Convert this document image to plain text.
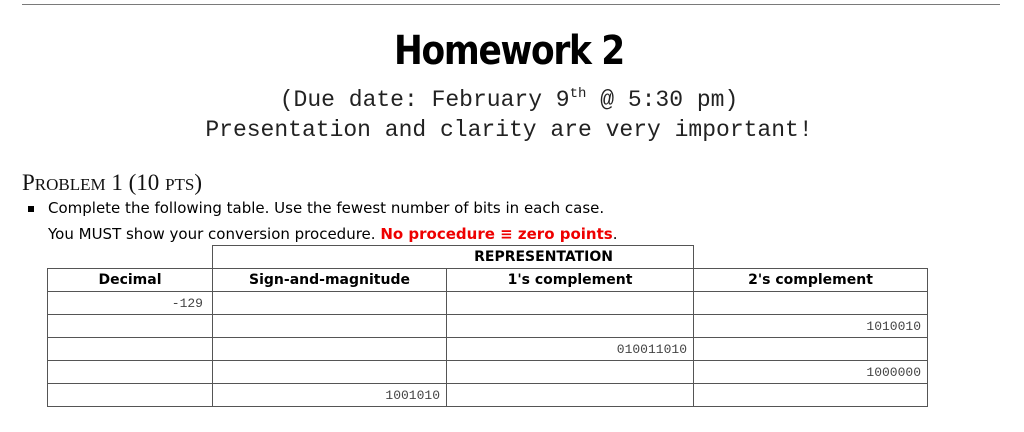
Homework 2
(Due date: February 9th @ 5:30 pm)
Presentation and clarity are very important!
PROBLEM 1 (10 PTS)
Complete the following table. Use the fewest number of bits in each case.
You MUST show your conversion procedure. No procedure ≡ zero points.
	REPRESENTATION		
Decimal	Sign-and-magnitude	1's complement	2's complement
-129			
			1010010
		010011010	
			1000000
	1001010		
